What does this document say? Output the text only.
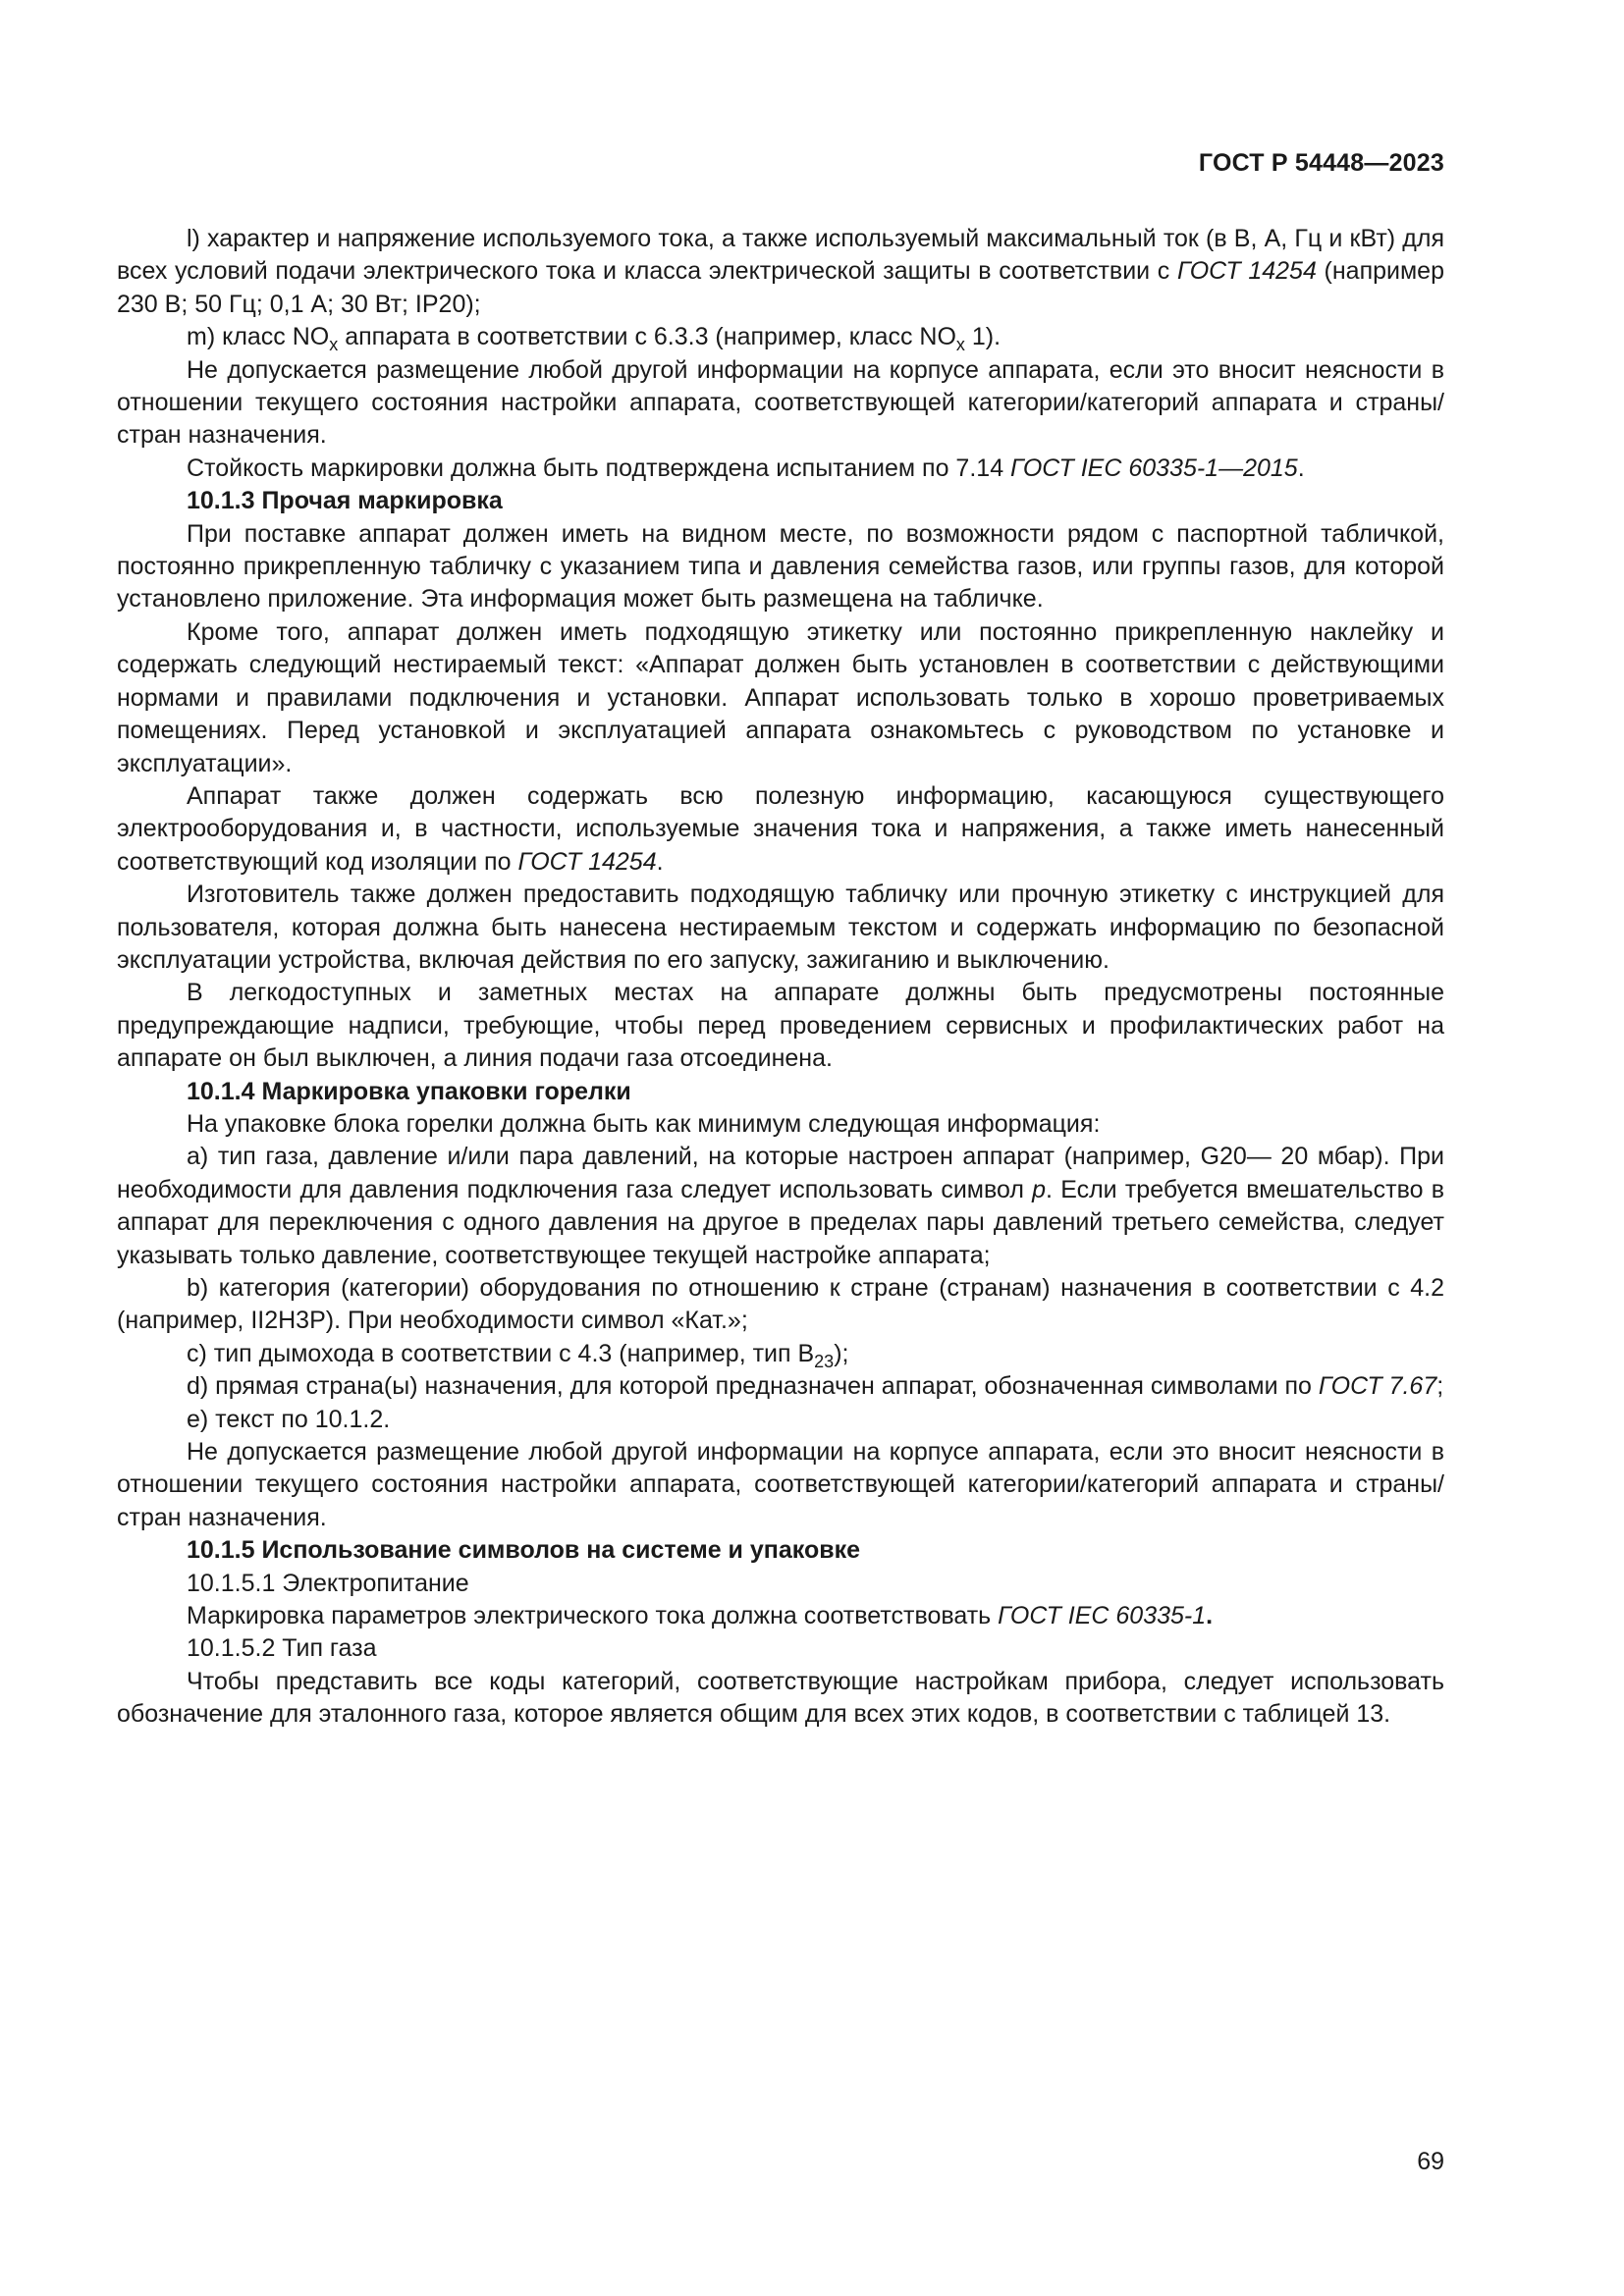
ГОСТ Р 54448—2023

l) характер и напряжение используемого тока, а также используемый максимальный ток (в В, А, Гц и кВт) для всех условий подачи электрического тока и класса электрической защиты в соответствии с ГОСТ 14254 (например 230 В; 50 Гц; 0,1 А; 30 Вт; IP20);

m) класс $NO_x$ аппарата в соответствии с 6.3.3 (например, класс $NO_x$ 1).

Не допускается размещение любой другой информации на корпусе аппарата, если это вносит неясности в отношении текущего состояния настройки аппарата, соответствующей категории/категорий аппарата и страны/стран назначения.

Стойкость маркировки должна быть подтверждена испытанием по 7.14 ГОСТ IEC 60335-1—2015.

10.1.3 Прочая маркировка

При поставке аппарат должен иметь на видном месте, по возможности рядом с паспортной табличкой, постоянно прикрепленную табличку с указанием типа и давления семейства газов, или группы газов, для которой установлено приложение. Эта информация может быть размещена на табличке.

Кроме того, аппарат должен иметь подходящую этикетку или постоянно прикрепленную наклейку и содержать следующий нестираемый текст: «Аппарат должен быть установлен в соответствии с действующими нормами и правилами подключения и установки. Аппарат использовать только в хорошо проветриваемых помещениях. Перед установкой и эксплуатацией аппарата ознакомьтесь с руководством по установке и эксплуатации».

Аппарат также должен содержать всю полезную информацию, касающуюся существующего электрооборудования и, в частности, используемые значения тока и напряжения, а также иметь нанесенный соответствующий код изоляции по ГОСТ 14254.

Изготовитель также должен предоставить подходящую табличку или прочную этикетку с инструкцией для пользователя, которая должна быть нанесена нестираемым текстом и содержать информацию по безопасной эксплуатации устройства, включая действия по его запуску, зажиганию и выключению.

В легкодоступных и заметных местах на аппарате должны быть предусмотрены постоянные предупреждающие надписи, требующие, чтобы перед проведением сервисных и профилактических работ на аппарате он был выключен, а линия подачи газа отсоединена.

10.1.4 Маркировка упаковки горелки

На упаковке блока горелки должна быть как минимум следующая информация:

a) тип газа, давление и/или пара давлений, на которые настроен аппарат (например, G20— 20 мбар). При необходимости для давления подключения газа следует использовать символ p. Если требуется вмешательство в аппарат для переключения с одного давления на другое в пределах пары давлений третьего семейства, следует указывать только давление, соответствующее текущей настройке аппарата;

b) категория (категории) оборудования по отношению к стране (странам) назначения в соответствии с 4.2 (например, II2H3P). При необходимости символ «Кат.»;

c) тип дымохода в соответствии с 4.3 (например, тип $B_{23}$);

d) прямая страна(ы) назначения, для которой предназначен аппарат, обозначенная символами по ГОСТ 7.67;

e) текст по 10.1.2.

Не допускается размещение любой другой информации на корпусе аппарата, если это вносит неясности в отношении текущего состояния настройки аппарата, соответствующей категории/категорий аппарата и страны/стран назначения.

10.1.5 Использование символов на системе и упаковке

10.1.5.1 Электропитание

Маркировка параметров электрического тока должна соответствовать ГОСТ IEC 60335-1.

10.1.5.2 Тип газа

Чтобы представить все коды категорий, соответствующие настройкам прибора, следует использовать обозначение для эталонного газа, которое является общим для всех этих кодов, в соответствии с таблицей 13.

69
